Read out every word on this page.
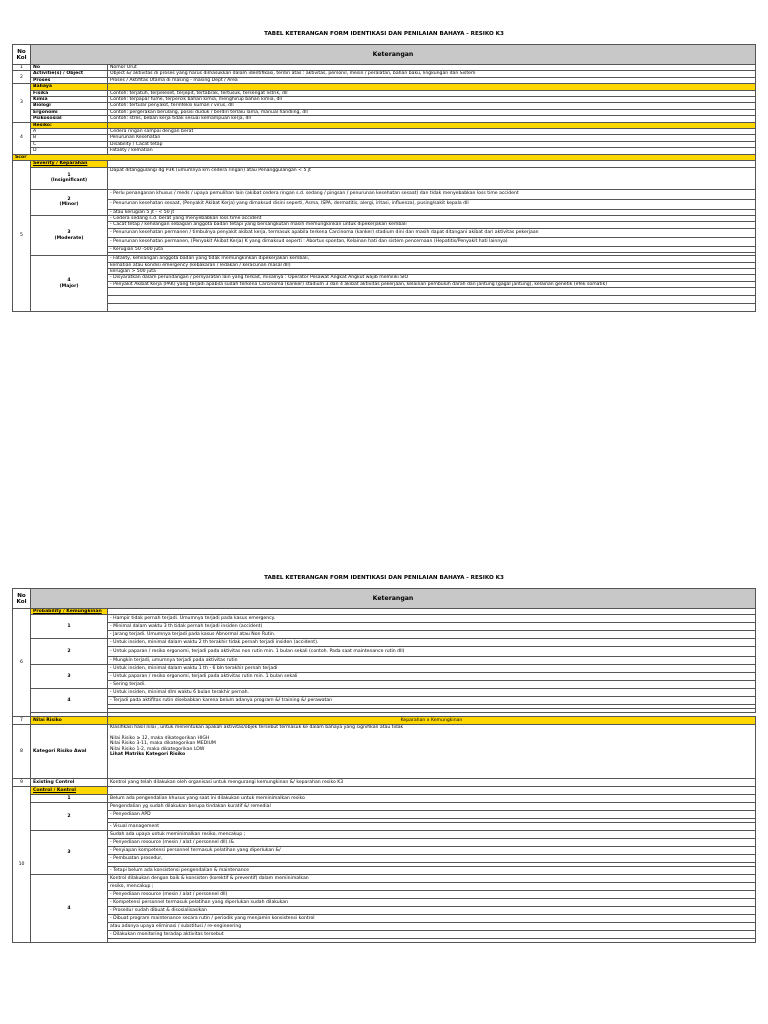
TABEL KETERANGAN FORM IDENTIKASI DAN PENILAIAN BAHAYA - RESIKO K3
No
Kol	Keterangan	
1	No	Nomor Urut
2	Activitie(s) / Object	Object &/ aktivitas di proses yang harus dimasukkan dalam identifikasi, terdiri atas : aktivitas, personil, mesin / peralatan, bahan baku, lingkungan dan Sistem
	Proses	Proses / Aktifitas Utama di masing - masing Dept / Area
3	Bahaya	
	Fisika	Contoh: terjatuh, terpeleset, terjepit, tertabrak, tertusuk, tersengat listrik, dll
	Kimia	Contoh: terpapar fume, terpercik bahan kimia, menghirup bahan kimia, dll
	Biologi	Contoh: tertular penyakit, terinfeksi kuman / virus, dll
	Ergonomi	Contoh: pergerakan berulang, posisi duduk / berdiri terlalu lama, manual handling, dll
	Psikososial	Contoh: stres, beban kerja tidak sesuai kemampuan kerja, dll
4	Resiko:	
	A	Cedera ringan sampai dengan berat
	B	Penurunan Kesehatan
	C	Disability / Cacat tetap
	D	Fatality / kematian
Scor		
5	Severity / Keparahan	
	1
(Insignificant)	Dapat ditanggulangi dg P3K (umumnya krn cedera ringan) atau Penanggulangan < 5 jt
	2
(Minor)	- Perlu penanganan khusus / meds / upaya pemulihan lain (akibat cedera ringan s.d. sedang / pingsan / penurunan kesehatan sesaat) dan tidak menyebabkan loss time accident
		- Penurunan kesehatan sesaat, (Penyakit Akibat Kerja) yang dimaksud disini seperti, Asma, ISPA, dermatitis, alergi, iritasi, influenza), pusing/sakit kepala dll
		- atau kerugian 5 jt - < 50 jt
	3
(Moderate)	- Cedera sedang s.d. berat yang menyebabkan loss time accident
		- Cacat tetap / kehilangan sebagian anggota badan tetapi yang bersangkutan masih memungkinkan untuk dipekerjakan kembali
		- Penurunan kesehatan permanen / timbulnya penyakit akibat kerja, termasuk apabila terkena Carcinoma (kanker) stadium dini dan masih dapat ditangani akibat dari aktivitas pekerjaan
		- Penurunan kesehatan permanen, (Penyakit Akibat Kerja) K yang dimaksud seperti : Abortus spontan, Kelainan hati dan sistem pencernaan (Hepatitis/Penyakit hati lainnya)
		- Kerugian 50 -500 juta

	4
(Major)	- Fatality, kehilangan anggota badan yang tidak memungkinkan dipekerjakan kembali,
		kematian atau kondisi emergency (kebakaran / ledakan / keracunan masal dll)
		kerugian > 500 juta
		- Disyaratkan dalam perundangan / persyaratan lain yang terkait, misalnya : Operator Pesawat Angkat Angkut wajib memiliki SIO
		- Penyakit Akibat Kerja (PAK) yang terjadi apabila sudah terkena Carcinoma (kanker) stadium 3 dan 4 akibat aktivitas pekerjaan, kelainan pembuluh darah dan jantung (gagal jantung), kelainan genetik (efek somatik)

TABEL KETERANGAN FORM IDENTIKASI DAN PENILAIAN BAHAYA - RESIKO K3
No
Kol	Keterangan	
6	Probability / Kemungkinan	
	1	- Hampir tidak pernah terjadi. Umumnya terjadi pada kasus emergency.
		- Minimal dalam waktu 3 th tidak pernah terjadi insiden (accident)
		- Jarang terjadi. Umumnya terjadi pada kasus Abnormal atau Non Rutin.
	2	- Untuk insiden, minimal dalam waktu 2 th terakhir tidak pernah terjadi insiden (accident).
		- Untuk paparan / resiko ergonomi, terjadi pada aktivitas non rutin min. 1 bulan sekali (contoh. Pada saat maintenance rutin dll)
		- Mungkin terjadi, umumnya terjadi pada aktivitas rutin
	3	- Untuk insiden, minimal dalam waktu 1 th - 6 bln terakhir pernah terjadi
		- Untuk paparan / resiko ergonomi, terjadi pada aktivitas rutin min. 1 bulan sekali
		- Sering terjadi.
	4	- Untuk insiden, minimal dlm waktu 6 bulan terakhir pernah.
		- Terjadi pada aktifitas rutin disebabkan karena belum adanya program &/ training &/ perawatan

7	Nilai Risiko	Keparahan x Kemungkinan
8	Kategori Risiko Awal	Klasifikasi hasil nilai , untuk menentukan apakah aktivitas/objek tersebut termasuk ke dalam bahaya yang signifikan atau tidak
Nilai Risiko ≥ 12, maka dikategorikan HIGH
Nilai Risiko 3-11, maka dikategorikan MEDIUM
Nilai Risiko 1-2, maka dikategorikan LOW
Lihat Matriks Kategori Risiko

9	Existing Control	Kontrol yang telah dilakukan oleh organisasi untuk mengurangi kemungkinan &/ keparahan resiko K3
10	Control / Kontrol	
	1	Belum ada pengendalian khusus yang saat ini dilakukan untuk meminimalkan resiko
	2	Pengendalian yg sudah dilakukan berupa tindakan kuratif &/ remedial
		- Penyediaan APD

		- Visual management
	3	Sudah ada upaya untuk meminimalkan resiko, mencakup ;
		- Penyediaan resource (mesin / alat / personnel dll) /&
		- Penyiapan kompetensi personnel termasuk pelatihan yang diperlukan &/
		- Pembuatan prosedur,

		- Tetapi belum ada konsistensi pengendalian & maintenance
	4	Kontrol dilakukan dengan baik & konsisten (korektif & preventif) dalam meminimalkan
		resiko, mencakup ;
		- Penyediaan resource (mesin / alat / personnel dll)
		- Kompetensi personnel termasuk pelatihan yang diperlukan sudah dilakukan
		- Prosedur sudah dibuat & disosialisasikan
		- Dibuat program maintenance secara rutin / periodik yang menjamin konsistensi kontrol
		atau adanya upaya eliminasi / substitusi / re-engineering
		- Dilakukan monitoring teradap aktivitas tersebut
